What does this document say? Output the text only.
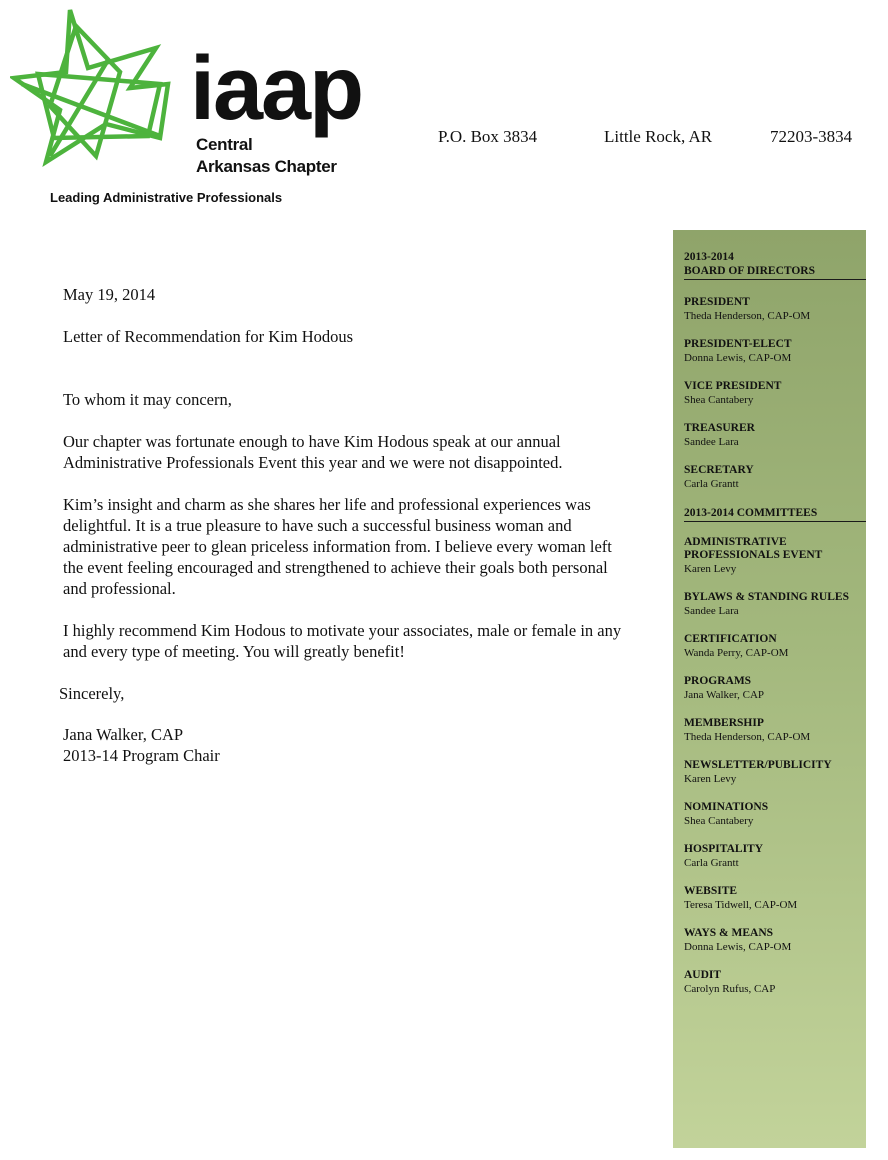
iaap
Central
Arkansas Chapter
Leading Administrative Professionals
P.O. Box 3834	Little Rock, AR	72203-3834

May 19, 2014

Letter of Recommendation for Kim Hodous

To whom it may concern,

Our chapter was fortunate enough to have Kim Hodous speak at our annual Administrative Professionals Event this year and we were not disappointed.

Kim’s insight and charm as she shares her life and professional experiences was delightful. It is a true pleasure to have such a successful business woman and administrative peer to glean priceless information from. I believe every woman left the event feeling encouraged and strengthened to achieve their goals both personal and professional.

I highly recommend Kim Hodous to motivate your associates, male or female in any and every type of meeting. You will greatly benefit!

Sincerely,

Jana Walker, CAP

2013-14 Program Chair

2013-2014
BOARD OF DIRECTORS
PRESIDENT
Theda Henderson, CAP-OM
PRESIDENT-ELECT
Donna Lewis, CAP-OM
VICE PRESIDENT
Shea Cantabery
TREASURER
Sandee Lara
SECRETARY
Carla Grantt
2013-2014 COMMITTEES
ADMINISTRATIVE PROFESSIONALS EVENT
Karen Levy
BYLAWS & STANDING RULES
Sandee Lara
CERTIFICATION
Wanda Perry, CAP-OM
PROGRAMS
Jana Walker, CAP
MEMBERSHIP
Theda Henderson, CAP-OM
NEWSLETTER/PUBLICITY
Karen Levy
NOMINATIONS
Shea Cantabery
HOSPITALITY
Carla Grantt
WEBSITE
Teresa Tidwell, CAP-OM
WAYS & MEANS
Donna Lewis, CAP-OM
AUDIT
Carolyn Rufus, CAP
